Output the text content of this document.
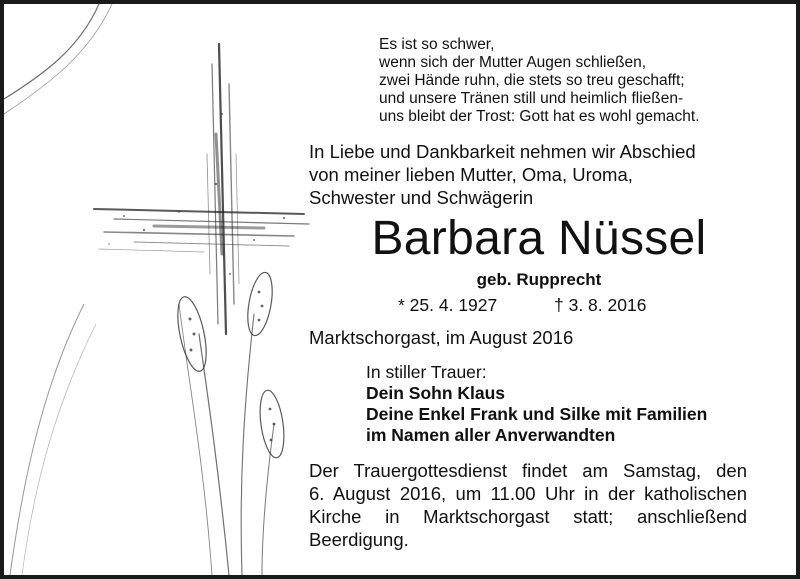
Es ist so schwer,
wenn sich der Mutter Augen schließen,
zwei Hände ruhn, die stets so treu geschafft;
und unsere Tränen still und heimlich fließen-
uns bleibt der Trost: Gott hat es wohl gemacht.
In Liebe und Dankbarkeit nehmen wir Abschied
von meiner lieben Mutter, Oma, Uroma,
Schwester und Schwägerin
Barbara Nüssel
geb. Rupprecht
* 25. 4. 1927	† 3. 8. 2016
Marktschorgast, im August 2016
In stiller Trauer:
Dein Sohn Klaus
Deine Enkel Frank und Silke mit Familien
im Namen aller Anverwandten
Der Trauergottesdienst findet am Samstag, den
6. August 2016, um 11.00 Uhr in der katholischen
Kirche in Marktschorgast statt; anschließend
Beerdigung.
